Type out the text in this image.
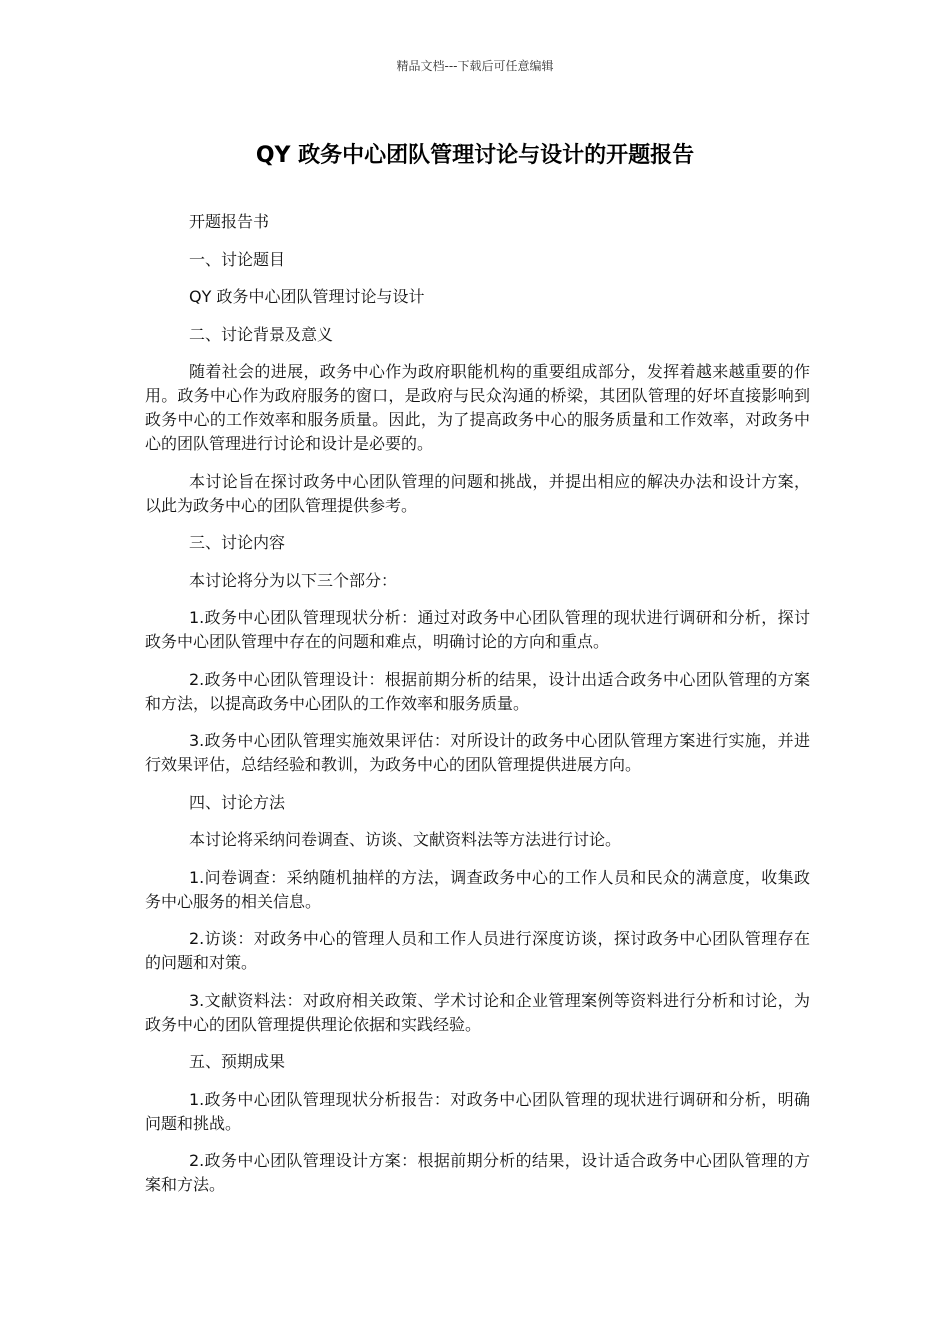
精品文档---下载后可任意编辑
QY 政务中心团队管理讨论与设计的开题报告

开题报告书

一、讨论题目

QY 政务中心团队管理讨论与设计

二、讨论背景及意义

随着社会的进展，政务中心作为政府职能机构的重要组成部分，发挥着越来越重要的作用。政务中心作为政府服务的窗口，是政府与民众沟通的桥梁，其团队管理的好坏直接影响到政务中心的工作效率和服务质量。因此，为了提高政务中心的服务质量和工作效率，对政务中心的团队管理进行讨论和设计是必要的。

本讨论旨在探讨政务中心团队管理的问题和挑战，并提出相应的解决办法和设计方案，以此为政务中心的团队管理提供参考。

三、讨论内容

本讨论将分为以下三个部分：

1.政务中心团队管理现状分析：通过对政务中心团队管理的现状进行调研和分析，探讨政务中心团队管理中存在的问题和难点，明确讨论的方向和重点。

2.政务中心团队管理设计：根据前期分析的结果，设计出适合政务中心团队管理的方案和方法，以提高政务中心团队的工作效率和服务质量。

3.政务中心团队管理实施效果评估：对所设计的政务中心团队管理方案进行实施，并进行效果评估，总结经验和教训，为政务中心的团队管理提供进展方向。

四、讨论方法

本讨论将采纳问卷调查、访谈、文献资料法等方法进行讨论。

1.问卷调查：采纳随机抽样的方法，调查政务中心的工作人员和民众的满意度，收集政务中心服务的相关信息。

2.访谈：对政务中心的管理人员和工作人员进行深度访谈，探讨政务中心团队管理存在的问题和对策。

3.文献资料法：对政府相关政策、学术讨论和企业管理案例等资料进行分析和讨论，为政务中心的团队管理提供理论依据和实践经验。

五、预期成果

1.政务中心团队管理现状分析报告：对政务中心团队管理的现状进行调研和分析，明确问题和挑战。

2.政务中心团队管理设计方案：根据前期分析的结果，设计适合政务中心团队管理的方案和方法。
